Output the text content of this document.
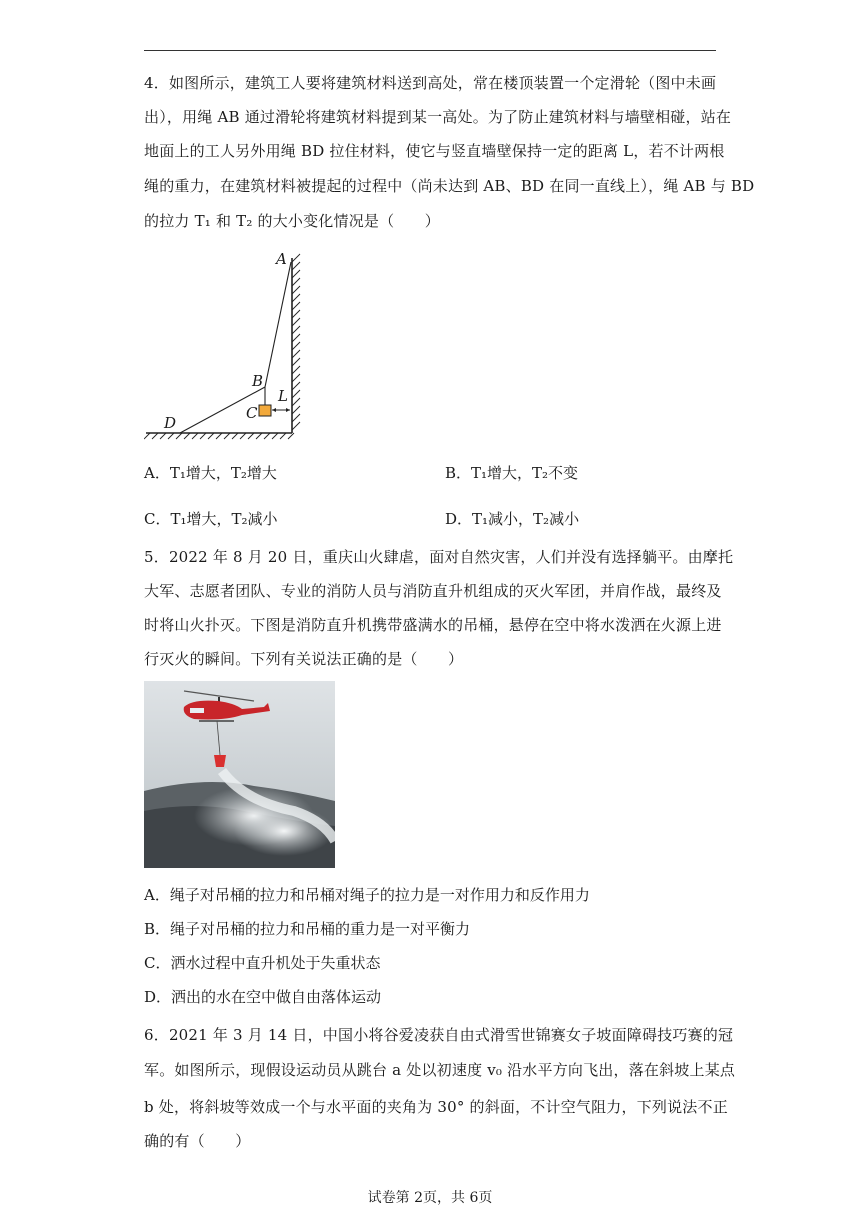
4．如图所示，建筑工人要将建筑材料送到高处，常在楼顶装置一个定滑轮（图中未画
出），用绳 AB 通过滑轮将建筑材料提到某一高处。为了防止建筑材料与墙壁相碰，站在
地面上的工人另外用绳 BD 拉住材料，使它与竖直墙壁保持一定的距离 L，若不计两根
绳的重力，在建筑材料被提起的过程中（尚未达到 AB、BD 在同一直线上），绳 AB 与 BD
的拉力 T₁ 和 T₂ 的大小变化情况是（　　）
A
B
C
D
L
A．T₁增大，T₂增大	B．T₁增大，T₂不变
C．T₁增大，T₂减小	D．T₁减小，T₂减小
5．2022 年 8 月 20 日，重庆山火肆虐，面对自然灾害，人们并没有选择躺平。由摩托
大军、志愿者团队、专业的消防人员与消防直升机组成的灭火军团，并肩作战，最终及
时将山火扑灭。下图是消防直升机携带盛满水的吊桶，悬停在空中将水泼洒在火源上进
行灭火的瞬间。下列有关说法正确的是（　　）
A．绳子对吊桶的拉力和吊桶对绳子的拉力是一对作用力和反作用力
B．绳子对吊桶的拉力和吊桶的重力是一对平衡力
C．洒水过程中直升机处于失重状态
D．洒出的水在空中做自由落体运动
6．2021 年 3 月 14 日，中国小将谷爱凌获自由式滑雪世锦赛女子坡面障碍技巧赛的冠
军。如图所示，现假设运动员从跳台 a 处以初速度 v₀ 沿水平方向飞出，落在斜坡上某点
b 处，将斜坡等效成一个与水平面的夹角为 30° 的斜面，不计空气阻力，下列说法不正
确的有（　　）
试卷第 2页，共 6页
